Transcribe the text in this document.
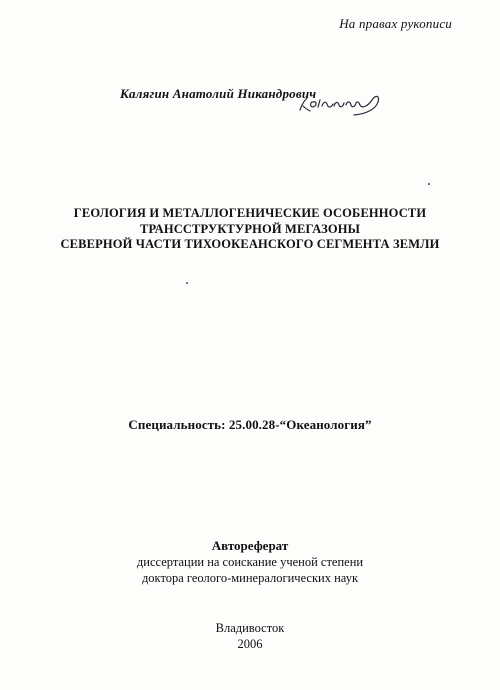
На правах рукописи
Калягин Анатолий Никандрович
ГЕОЛОГИЯ И МЕТАЛЛОГЕНИЧЕСКИЕ ОСОБЕННОСТИ
ТРАНССТРУКТУРНОЙ МЕГАЗОНЫ
СЕВЕРНОЙ ЧАСТИ ТИХООКЕАНСКОГО СЕГМЕНТА ЗЕМЛИ
Специальность: 25.00.28-“Океанология”
Автореферат
диссертации на соискание ученой степени
доктора геолого-минералогических наук
Владивосток
2006
